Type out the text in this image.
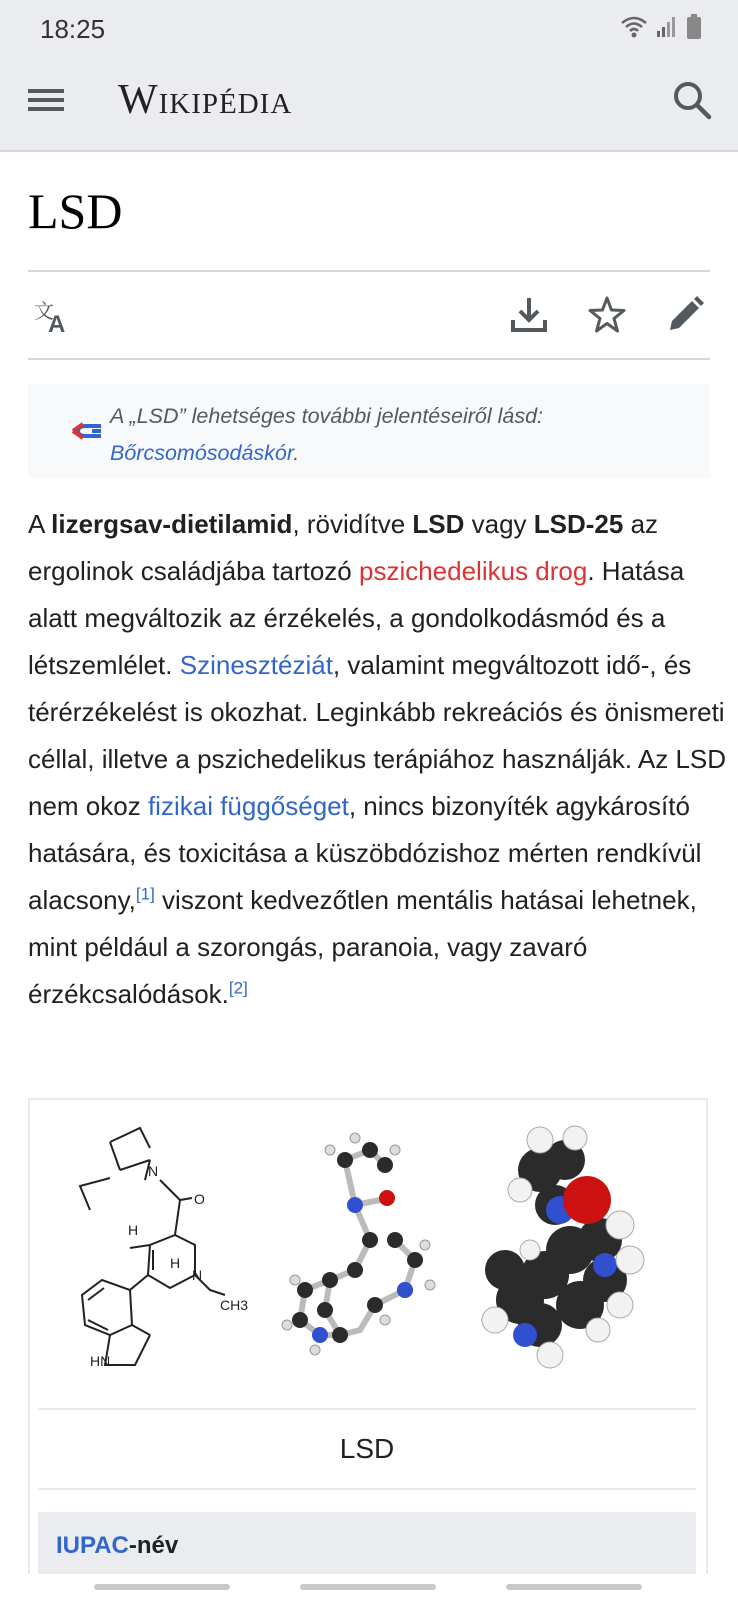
18:25
Wikipédia
LSD
文
A
A „LSD” lehetséges további jelentéseiről lásd:
Bőrcsomósodáskór.

A lizergsav-dietilamid, rövidítve LSD vagy LSD-25 az ergolinok családjába tartozó pszichedelikus drog. Hatása alatt megváltozik az érzékelés, a gondolkodásmód és a létszemlélet. Szinesztéziát, valamint megváltozott idő-, és térérzékelést is okozhat. Leginkább rekreációs és önismereti céllal, illetve a pszichedelikus terápiához használják. Az LSD nem okoz fizikai függőséget, nincs bizonyíték agykárosító hatására, és toxicitása a küszöbdózishoz mérten rendkívül alacsony,[1] viszont kedvezőtlen mentális hatásai lehetnek, mint például a szorongás, paranoia, vagy zavaró érzékcsalódások.[2]

N
O
H
H
N
CH3
HN
LSD
IUPAC-név
